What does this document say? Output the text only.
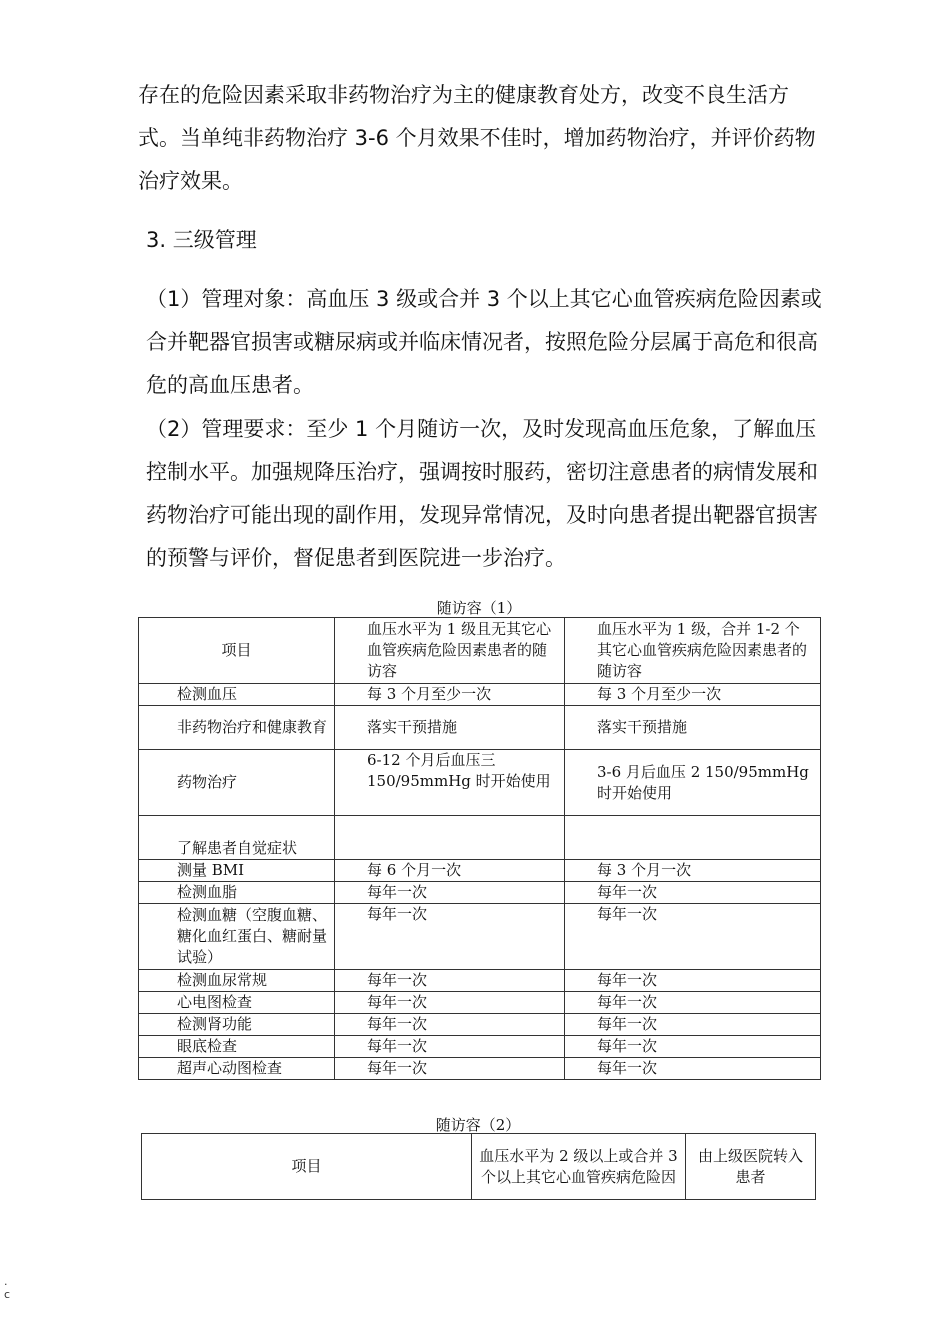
存在的危险因素采取非药物治疗为主的健康教育处方，改变不良生活方式。当单纯非药物治疗 3-6 个月效果不佳时，增加药物治疗，并评价药物治疗效果。

3. 三级管理

（1）管理对象：高血压 3 级或合并 3 个以上其它心血管疾病危险因素或合并靶器官损害或糖尿病或并临床情况者，按照危险分层属于高危和很高危的高血压患者。

（2）管理要求：至少 1 个月随访一次，及时发现高血压危象，了解血压控制水平。加强规降压治疗，强调按时服药，密切注意患者的病情发展和药物治疗可能出现的副作用，发现异常情况，及时向患者提出靶器官损害的预警与评价，督促患者到医院进一步治疗。

随访容（1）
项目	血压水平为 1 级且无其它心血管疾病危险因素患者的随访容	血压水平为 1 级，合并 1-2 个其它心血管疾病危险因素患者的随访容
检测血压	每 3 个月至少一次	每 3 个月至少一次
非药物治疗和健康教育	落实干预措施	落实干预措施
药物治疗	6-12 个月后血压三 150/95mmHg 时开始使用	3-6 月后血压 2 150/95mmHg 时开始使用
了解患者自觉症状		
测量 BMI	每 6 个月一次	每 3 个月一次
检测血脂	每年一次	每年一次
检测血糖（空腹血糖、糖化血红蛋白、糖耐量试验）	每年一次	每年一次
检测血尿常规	每年一次	每年一次
心电图检查	每年一次	每年一次
检测肾功能	每年一次	每年一次
眼底检查	每年一次	每年一次
超声心动图检查	每年一次	每年一次
随访容（2）
项目	血压水平为 2 级以上或合并 3 个以上其它心血管疾病危险因	由上级医院转入患者
.
c
